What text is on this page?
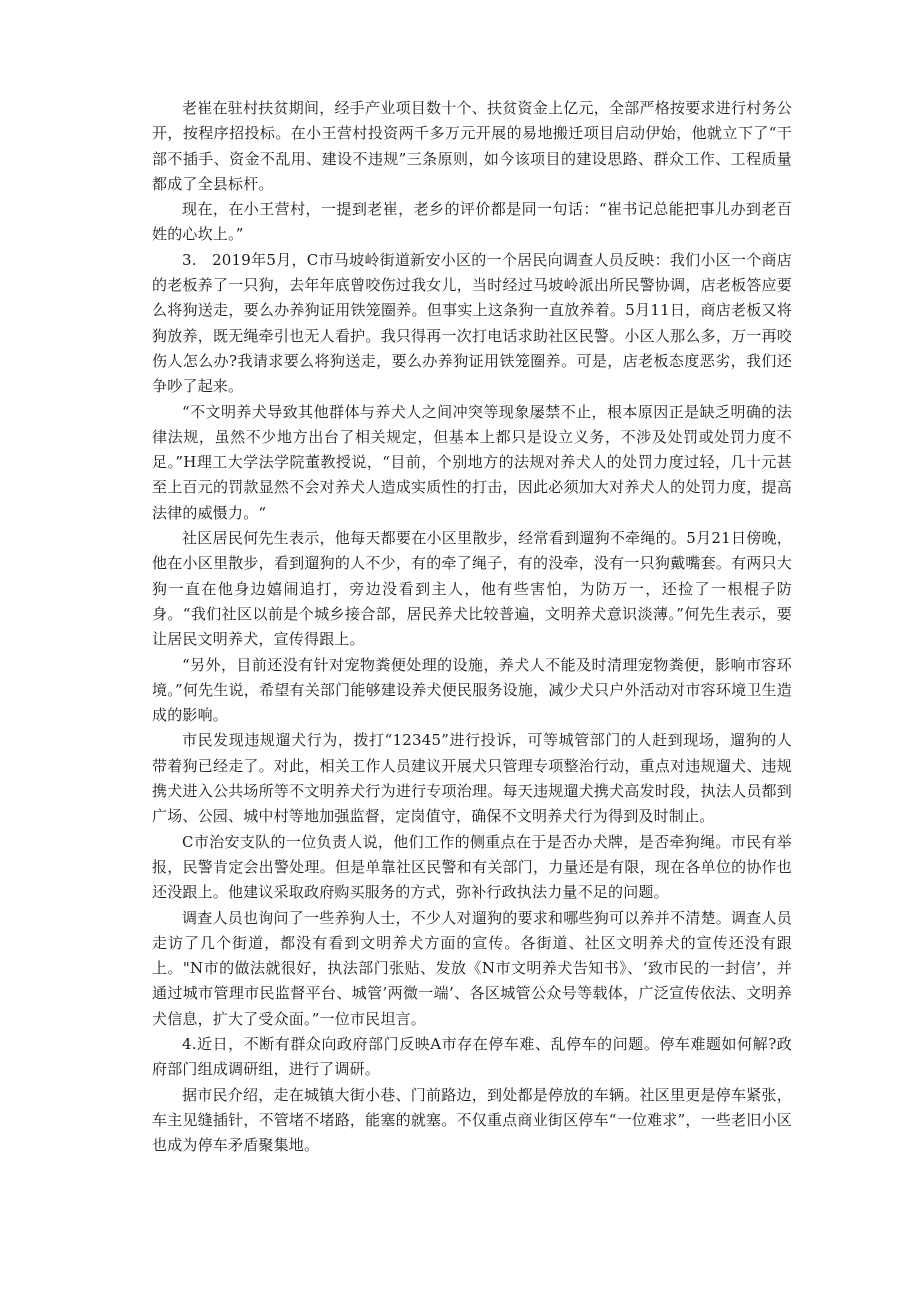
老崔在驻村扶贫期间，经手产业项目数十个、扶贫资金上亿元，全部严格按要求进行村务公开，按程序招投标。在小王营村投资两千多万元开展的易地搬迁项目启动伊始，他就立下了“干部不插手、资金不乱用、建设不违规”三条原则，如今该项目的建设思路、群众工作、工程质量都成了全县标杆。

现在，在小王营村，一提到老崔，老乡的评价都是同一句话：“崔书记总能把事儿办到老百姓的心坎上。”

3.　2019年5月，C市马坡岭街道新安小区的一个居民向调查人员反映：我们小区一个商店的老板养了一只狗，去年年底曾咬伤过我女儿，当时经过马坡岭派出所民警协调，店老板答应要么将狗送走，要么办养狗证用铁笼圈养。但事实上这条狗一直放养着。5月11日，商店老板又将狗放养，既无绳牵引也无人看护。我只得再一次打电话求助社区民警。小区人那么多，万一再咬伤人怎么办?我请求要么将狗送走，要么办养狗证用铁笼圈养。可是，店老板态度恶劣，我们还争吵了起来。

“不文明养犬导致其他群体与养犬人之间冲突等现象屡禁不止，根本原因正是缺乏明确的法律法规，虽然不少地方出台了相关规定，但基本上都只是设立义务，不涉及处罚或处罚力度不足。”H理工大学法学院董教授说，“目前，个别地方的法规对养犬人的处罚力度过轻，几十元甚至上百元的罚款显然不会对养犬人造成实质性的打击，因此必须加大对养犬人的处罚力度，提高法律的威慑力。“

社区居民何先生表示，他每天都要在小区里散步，经常看到遛狗不牵绳的。5月21日傍晚，他在小区里散步，看到遛狗的人不少，有的牵了绳子，有的没牵，没有一只狗戴嘴套。有两只大狗一直在他身边嬉闹追打，旁边没看到主人，他有些害怕，为防万一，还捡了一根棍子防身。“我们社区以前是个城乡接合部，居民养犬比较普遍，文明养犬意识淡薄。”何先生表示，要让居民文明养犬，宣传得跟上。

“另外，目前还没有针对宠物粪便处理的设施，养犬人不能及时清理宠物粪便，影响市容环境。”何先生说，希望有关部门能够建设养犬便民服务设施，减少犬只户外活动对市容环境卫生造成的影响。

市民发现违规遛犬行为，拨打“12345”进行投诉，可等城管部门的人赶到现场，遛狗的人带着狗已经走了。对此，相关工作人员建议开展犬只管理专项整治行动，重点对违规遛犬、违规携犬进入公共场所等不文明养犬行为进行专项治理。每天违规遛犬携犬高发时段，执法人员都到广场、公园、城中村等地加强监督，定岗值守，确保不文明养犬行为得到及时制止。

C市治安支队的一位负责人说，他们工作的侧重点在于是否办犬牌，是否牵狗绳。市民有举报，民警肯定会出警处理。但是单靠社区民警和有关部门，力量还是有限，现在各单位的协作也还没跟上。他建议采取政府购买服务的方式，弥补行政执法力量不足的问题。

调查人员也询问了一些养狗人士，不少人对遛狗的要求和哪些狗可以养并不清楚。调查人员走访了几个街道，都没有看到文明养犬方面的宣传。各街道、社区文明养犬的宣传还没有跟上。"N市的做法就很好，执法部门张贴、发放《N市文明养犬告知书》、‘致市民的一封信’，并通过城市管理市民监督平台、城管’两微一端’、各区城管公众号等载体，广泛宣传依法、文明养犬信息，扩大了受众面。”一位市民坦言。

4.近日，不断有群众向政府部门反映A市存在停车难、乱停车的问题。停车难题如何解?政府部门组成调研组，进行了调研。

据市民介绍，走在城镇大街小巷、门前路边，到处都是停放的车辆。社区里更是停车紧张，车主见缝插针，不管堵不堵路，能塞的就塞。不仅重点商业街区停车“一位难求”，一些老旧小区也成为停车矛盾聚集地。
